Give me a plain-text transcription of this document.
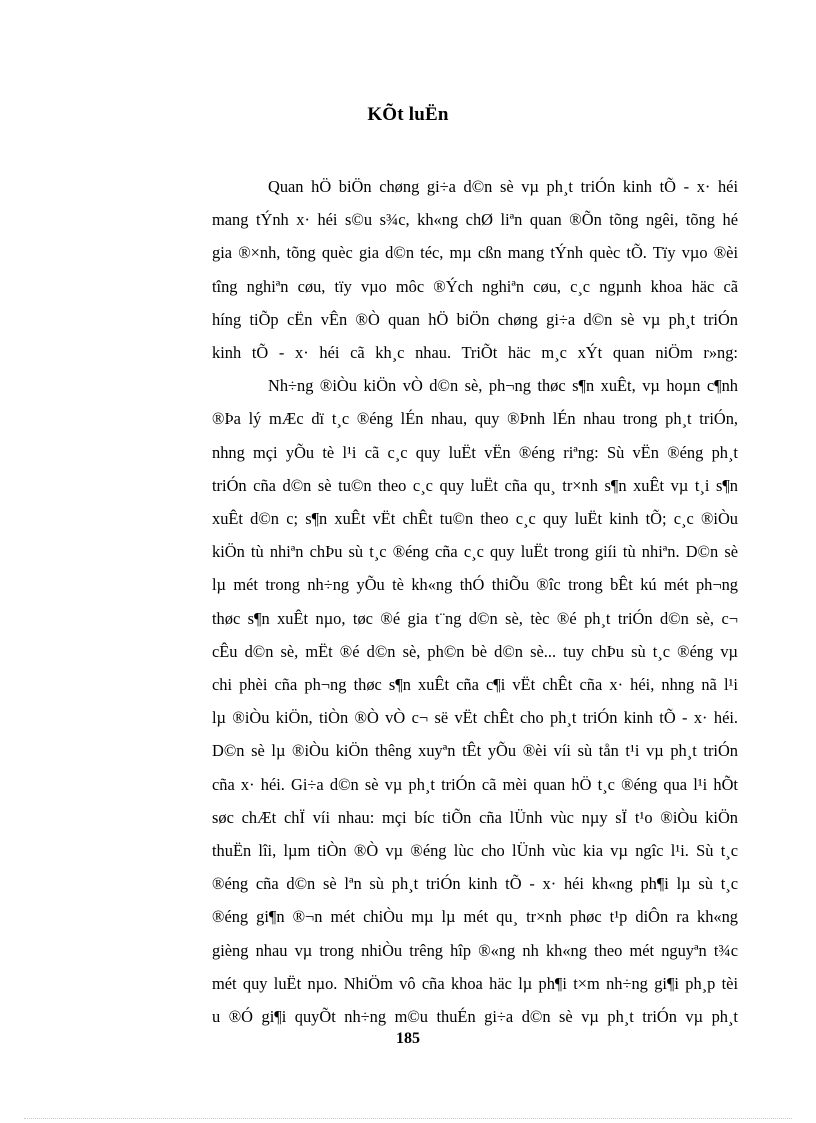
KÕt luËn
Quan hÖ biÖn chøng gi÷a d©n sè vµ ph¸t triÓn kinh tÕ - x· héi
mang tÝnh x· héi s©u s¾c, kh«ng chØ liªn quan ®Õn tõng ngêi, tõng hé
gia ®×nh, tõng quèc gia d©n téc, mµ cßn mang tÝnh quèc tÕ. Tïy vµo ®èi
tîng nghiªn cøu, tïy vµo môc ®Ých nghiªn cøu, c¸c ngµnh khoa häc cã
híng tiÕp cËn vÊn ®Ò quan hÖ biÖn chøng gi÷a d©n sè vµ ph¸t triÓn
kinh tÕ - x· héi cã kh¸c nhau. TriÕt häc m¸c xÝt quan niÖm r»ng:
Nh÷ng ®iÒu kiÖn vÒ d©n sè, ph¬ng thøc s¶n xuÊt, vµ hoµn c¶nh
®Þa lý mÆc dï t¸c ®éng lÉn nhau, quy ®Þnh lÉn nhau trong ph¸t triÓn,
nhng mçi yÕu tè l¹i cã c¸c quy luËt vËn ®éng riªng: Sù vËn ®éng ph¸t
triÓn cña d©n sè tu©n theo c¸c quy luËt cña qu¸ tr×nh s¶n xuÊt vµ t¸i s¶n
xuÊt d©n c; s¶n xuÊt vËt chÊt tu©n theo c¸c quy luËt kinh tÕ; c¸c ®iÒu
kiÖn tù nhiªn chÞu sù t¸c ®éng cña c¸c quy luËt trong giíi tù nhiªn. D©n sè
lµ mét trong nh÷ng yÕu tè kh«ng thÓ thiÕu ®îc trong bÊt kú mét ph¬ng
thøc s¶n xuÊt nµo, tøc ®é gia t¨ng d©n sè, tèc ®é ph¸t triÓn d©n sè, c¬
cÊu d©n sè, mËt ®é d©n sè, ph©n bè d©n sè... tuy chÞu sù t¸c ®éng vµ
chi phèi cña ph¬ng thøc s¶n xuÊt cña c¶i vËt chÊt cña x· héi, nhng nã l¹i
lµ ®iÒu kiÖn, tiÒn ®Ò vÒ c¬ së vËt chÊt cho ph¸t triÓn kinh tÕ - x· héi.
D©n sè lµ ®iÒu kiÖn thêng xuyªn tÊt yÕu ®èi víi sù tån t¹i vµ ph¸t triÓn
cña x· héi. Gi÷a d©n sè vµ ph¸t triÓn cã mèi quan hÖ t¸c ®éng qua l¹i hÕt
søc chÆt chÏ víi nhau: mçi bíc tiÕn cña lÜnh vùc nµy sÏ t¹o ®iÒu kiÖn
thuËn lîi, lµm tiÒn ®Ò vµ ®éng lùc cho lÜnh vùc kia vµ ngîc l¹i. Sù t¸c
®éng cña d©n sè lªn sù ph¸t triÓn kinh tÕ - x· héi kh«ng ph¶i lµ sù t¸c
®éng gi¶n ®¬n mét chiÒu mµ lµ mét qu¸ tr×nh phøc t¹p diÔn ra kh«ng
gièng nhau vµ trong nhiÒu trêng hîp ®«ng nh kh«ng theo mét nguyªn t¾c
mét quy luËt nµo. NhiÖm vô cña khoa häc lµ ph¶i t×m nh÷ng gi¶i ph¸p tèi
u ®Ó gi¶i quyÕt nh÷ng m©u thuÉn gi÷a d©n sè vµ ph¸t triÓn vµ ph¸t
185
